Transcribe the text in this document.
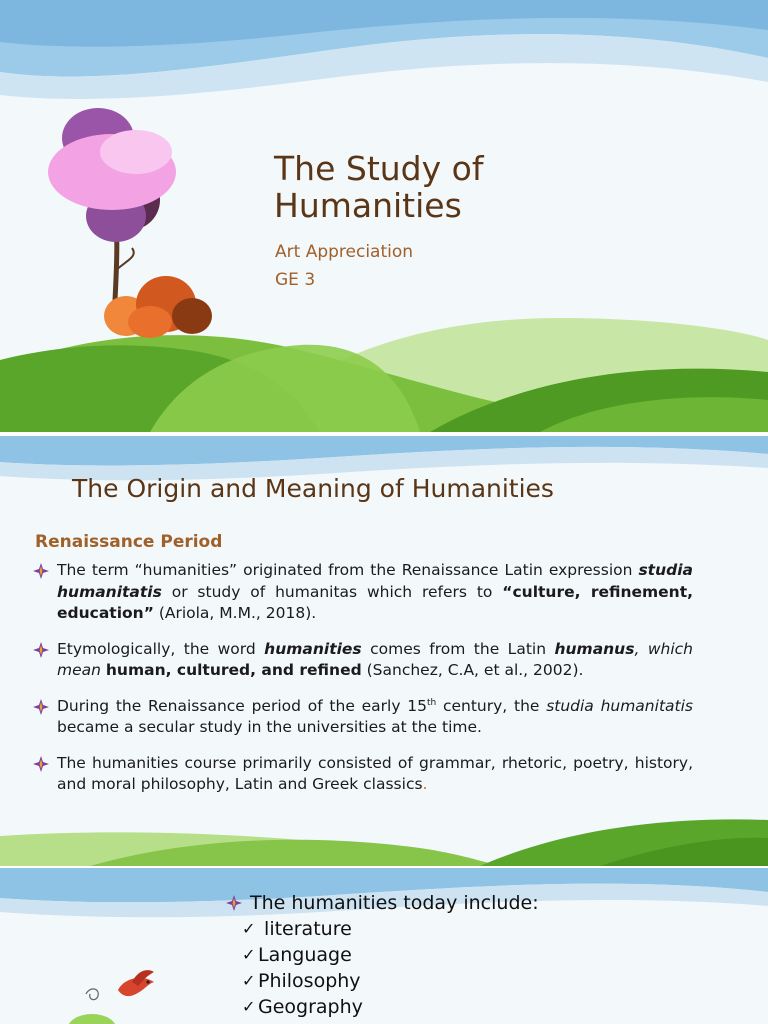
The Study of Humanities
Art Appreciation
GE 3
The Origin and Meaning of Humanities
Renaissance Period
The term “humanities” originated from the Renaissance Latin expression studia humanitatis or study of humanitas which refers to “culture, refinement, education” (Ariola, M.M., 2018).
Etymologically, the word humanities comes from the Latin humanus, which mean human, cultured, and refined (Sanchez, C.A, et al., 2002).
During the Renaissance period of the early 15th century, the studia humanitatis became a secular study in the universities at the time.
The humanities course primarily consisted of grammar, rhetoric, poetry, history, and moral philosophy, Latin and Greek classics.
The humanities today include:
✓ literature
✓ Language
✓ Philosophy
✓ Geography
